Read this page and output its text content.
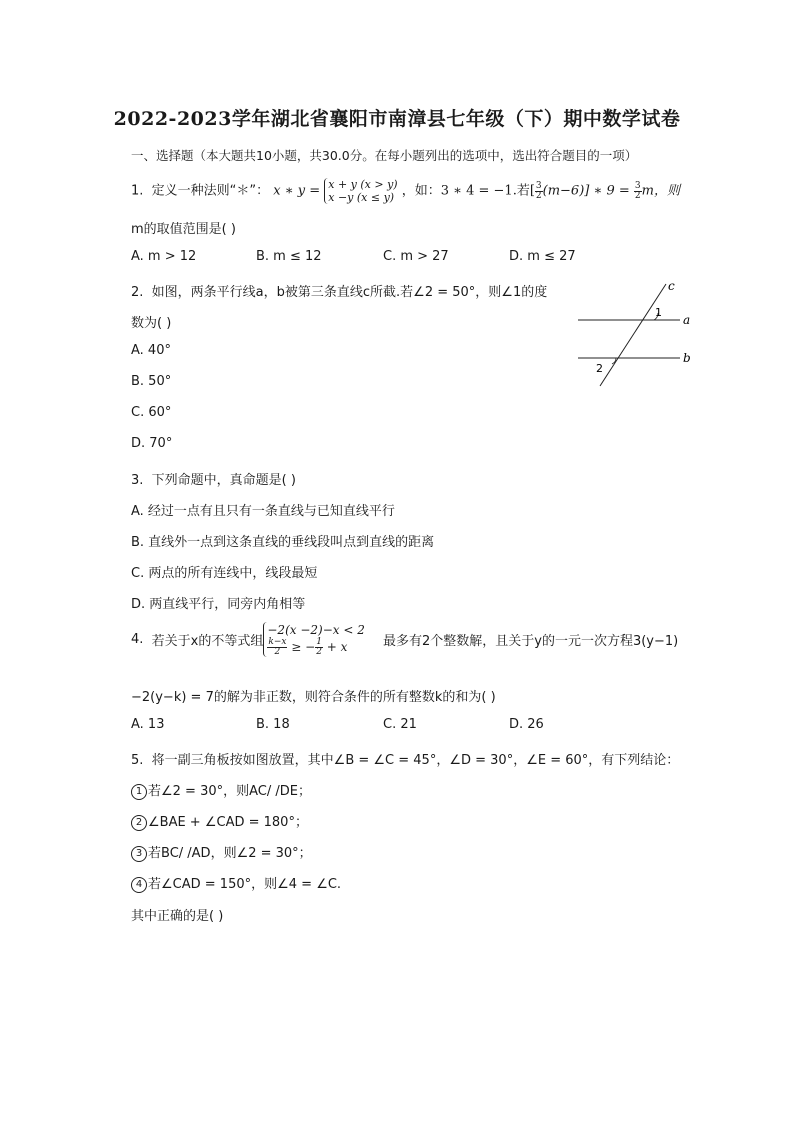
2022-2023学年湖北省襄阳市南漳县七年级（下）期中数学试卷
一、选择题（本大题共10小题，共30.0分。在每小题列出的选项中，选出符合题目的一项）
1. 定义一种法则“＊”： x ∗ y = x + y (x > y)
x −y (x ≤ y) ，如：3 ∗ 4 = −1.若[ $\frac{3}{2} (m-6)$] ∗ $9 = \frac{3}{2}$ m，则
m的取值范围是( )
A. m > 12	B. m ≤ 12	C. m > 27	D. m ≤ 27
2. 如图，两条平行线a，b被第三条直线c所截.若∠2 = 50°，则∠1的度
数为( )
A. 40°
B. 50°
C. 60°
D. 70°
c
a
b
1
2
3. 下列命题中，真命题是( )
A. 经过一点有且只有一条直线与已知直线平行
B. 直线外一点到这条直线的垂线段叫点到直线的距离
C. 两点的所有连线中，线段最短
D. 两直线平行，同旁内角相等
4. 若关于x的不等式组
−2(x −2)−x < 2
$\frac{k-x}{2}$ ≥ − $\frac{1}{2} + x$	最多有2个整数解，且关于y的一元一次方程3(y−1)
−2(y−k) = 7的解为非正数，则符合条件的所有整数k的和为( )
A. 13	B. 18	C. 21	D. 26
5. 将一副三角板按如图放置，其中∠B = ∠C = 45°，∠D = 30°，∠E = 60°，有下列结论：
1 若∠2 = 30°，则AC/ /DE；
2 ∠BAE + ∠CAD = 180°；
3 若BC/ /AD，则∠2 = 30°；
4 若∠CAD = 150°，则∠4 = ∠C.
其中正确的是( )
